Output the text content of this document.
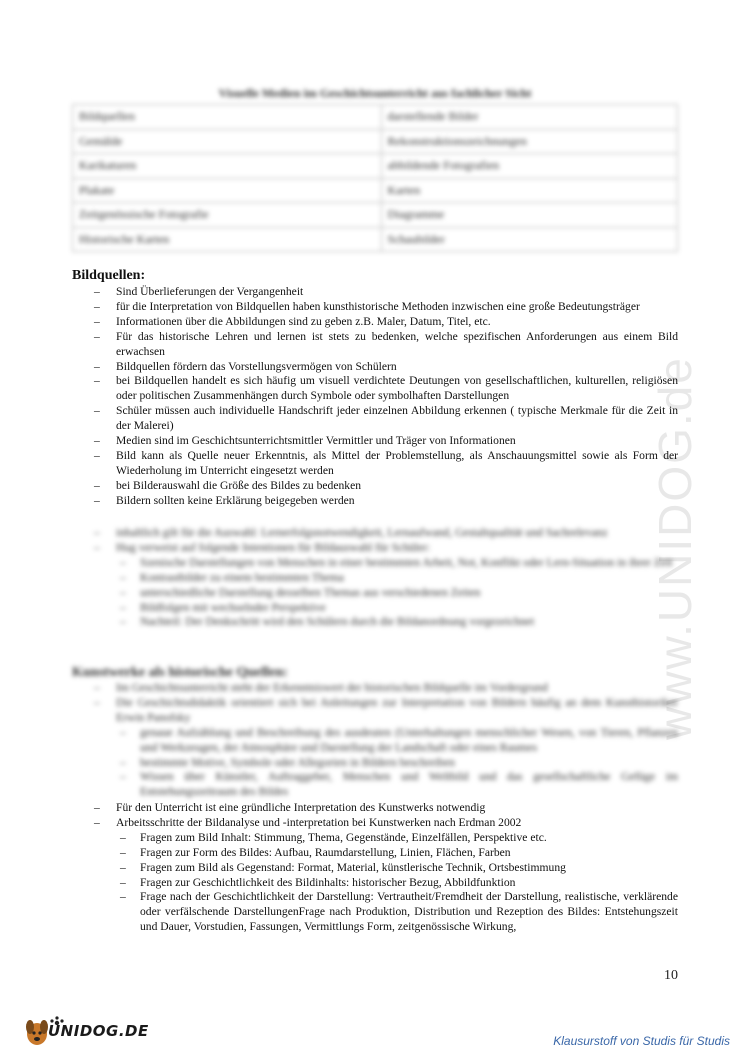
www.UNIDOG.de
Visuelle Medien im Geschichtsunterricht aus fachlicher Sicht
Bildquellen	darstellende Bilder
Gemälde	Rekonstruktionszeichnungen
Karikaturen	abbildende Fotografien
Plakate	Karten
Zeitgenössische Fotografie	Diagramme
Historische Karten	Schaubilder
Bildquellen:
– Sind Überlieferungen der Vergangenheit
– für die Interpretation von Bildquellen haben kunsthistorische Methoden inzwischen eine große Bedeutungsträger
– Informationen über die Abbildungen sind zu geben z.B. Maler, Datum, Titel, etc.
– Für das historische Lehren und lernen ist stets zu bedenken, welche spezifischen Anforderungen aus einem Bild erwachsen
– Bildquellen fördern das Vorstellungsvermögen von Schülern
– bei Bildquellen handelt es sich häufig um visuell verdichtete Deutungen von gesellschaftlichen, kulturellen, religiösen oder politischen Zusammenhängen durch Symbole oder symbolhaften Darstellungen
– Schüler müssen auch individuelle Handschrift jeder einzelnen Abbildung erkennen ( typische Merkmale für die Zeit in der Malerei)
– Medien sind im Geschichtsunterrichtsmittler Vermittler und Träger von Informationen
– Bild kann als Quelle neuer Erkenntnis, als Mittel der Problemstellung, als Anschauungsmittel sowie als Form der Wiederholung im Unterricht eingesetzt werden
– bei Bilderauswahl die Größe des Bildes zu bedenken
– Bildern sollten keine Erklärung beigegeben werden
– inhaltlich gilt für die Auswahl: Lernerfolgsnotwendigkeit, Lernaufwand, Gestaltqualität und Sachrelevanz
– Hug verweist auf folgende Intentionen für Bildauswahl für Schüler:
– Szenische Darstellungen von Menschen in einer bestimmten Arbeit, Not, Konflikt oder Lern-Situation in ihrer Zeit
– Kontrastbilder zu einem bestimmten Thema
– unterschiedliche Darstellung desselben Themas aus verschiedenen Zeiten
– Bildfolgen mit wechselnder Perspektive
– Nachteil: Der Denkschritt wird den Schülern durch die Bildanordnung vorgezeichnet
Kunstwerke als historische Quellen:
– Im Geschichtsunterricht steht der Erkenntniswert der historischen Bildquelle im Vordergrund
– Die Geschichtsdidaktik orientiert sich bei Anleitungen zur Interpretation von Bildern häufig an dem Kunsthistoriker Erwin Panofsky
– genaue Aufzählung und Beschreibung des ausdeuten (Unterhaltungen menschlicher Wesen, von Tieren, Pflanzen und Werkzeugen, der Atmosphäre und Darstellung der Landschaft oder eines Raumes
– bestimmte Motive, Symbole oder Allegorien in Bildern beschreiben
– Wissen über Künstler, Auftraggeber, Menschen und Weltbild und das gesellschaftliche Gefüge im Entstehungszeitraum des Bildes
– Für den Unterricht ist eine gründliche Interpretation des Kunstwerks notwendig
– Arbeitsschritte der Bildanalyse und -interpretation bei Kunstwerken nach Erdman 2002
– Fragen zum Bild Inhalt: Stimmung, Thema, Gegenstände, Einzelfällen, Perspektive etc.
– Fragen zur Form des Bildes: Aufbau, Raumdarstellung, Linien, Flächen, Farben
– Fragen zum Bild als Gegenstand: Format, Material, künstlerische Technik, Ortsbestimmung
– Fragen zur Geschichtlichkeit des Bildinhalts: historischer Bezug, Abbildfunktion
– Frage nach der Geschichtlichkeit der Darstellung: Vertrautheit/Fremdheit der Darstellung, realistische, verklärende oder verfälschende DarstellungenFrage nach Produktion, Distribution und Rezeption des Bildes: Entstehungszeit und Dauer, Vorstudien, Fassungen, Vermittlungs Form, zeitgenössische Wirkung,
10
UNIDOG.DE
Klausurstoff von Studis für Studis
